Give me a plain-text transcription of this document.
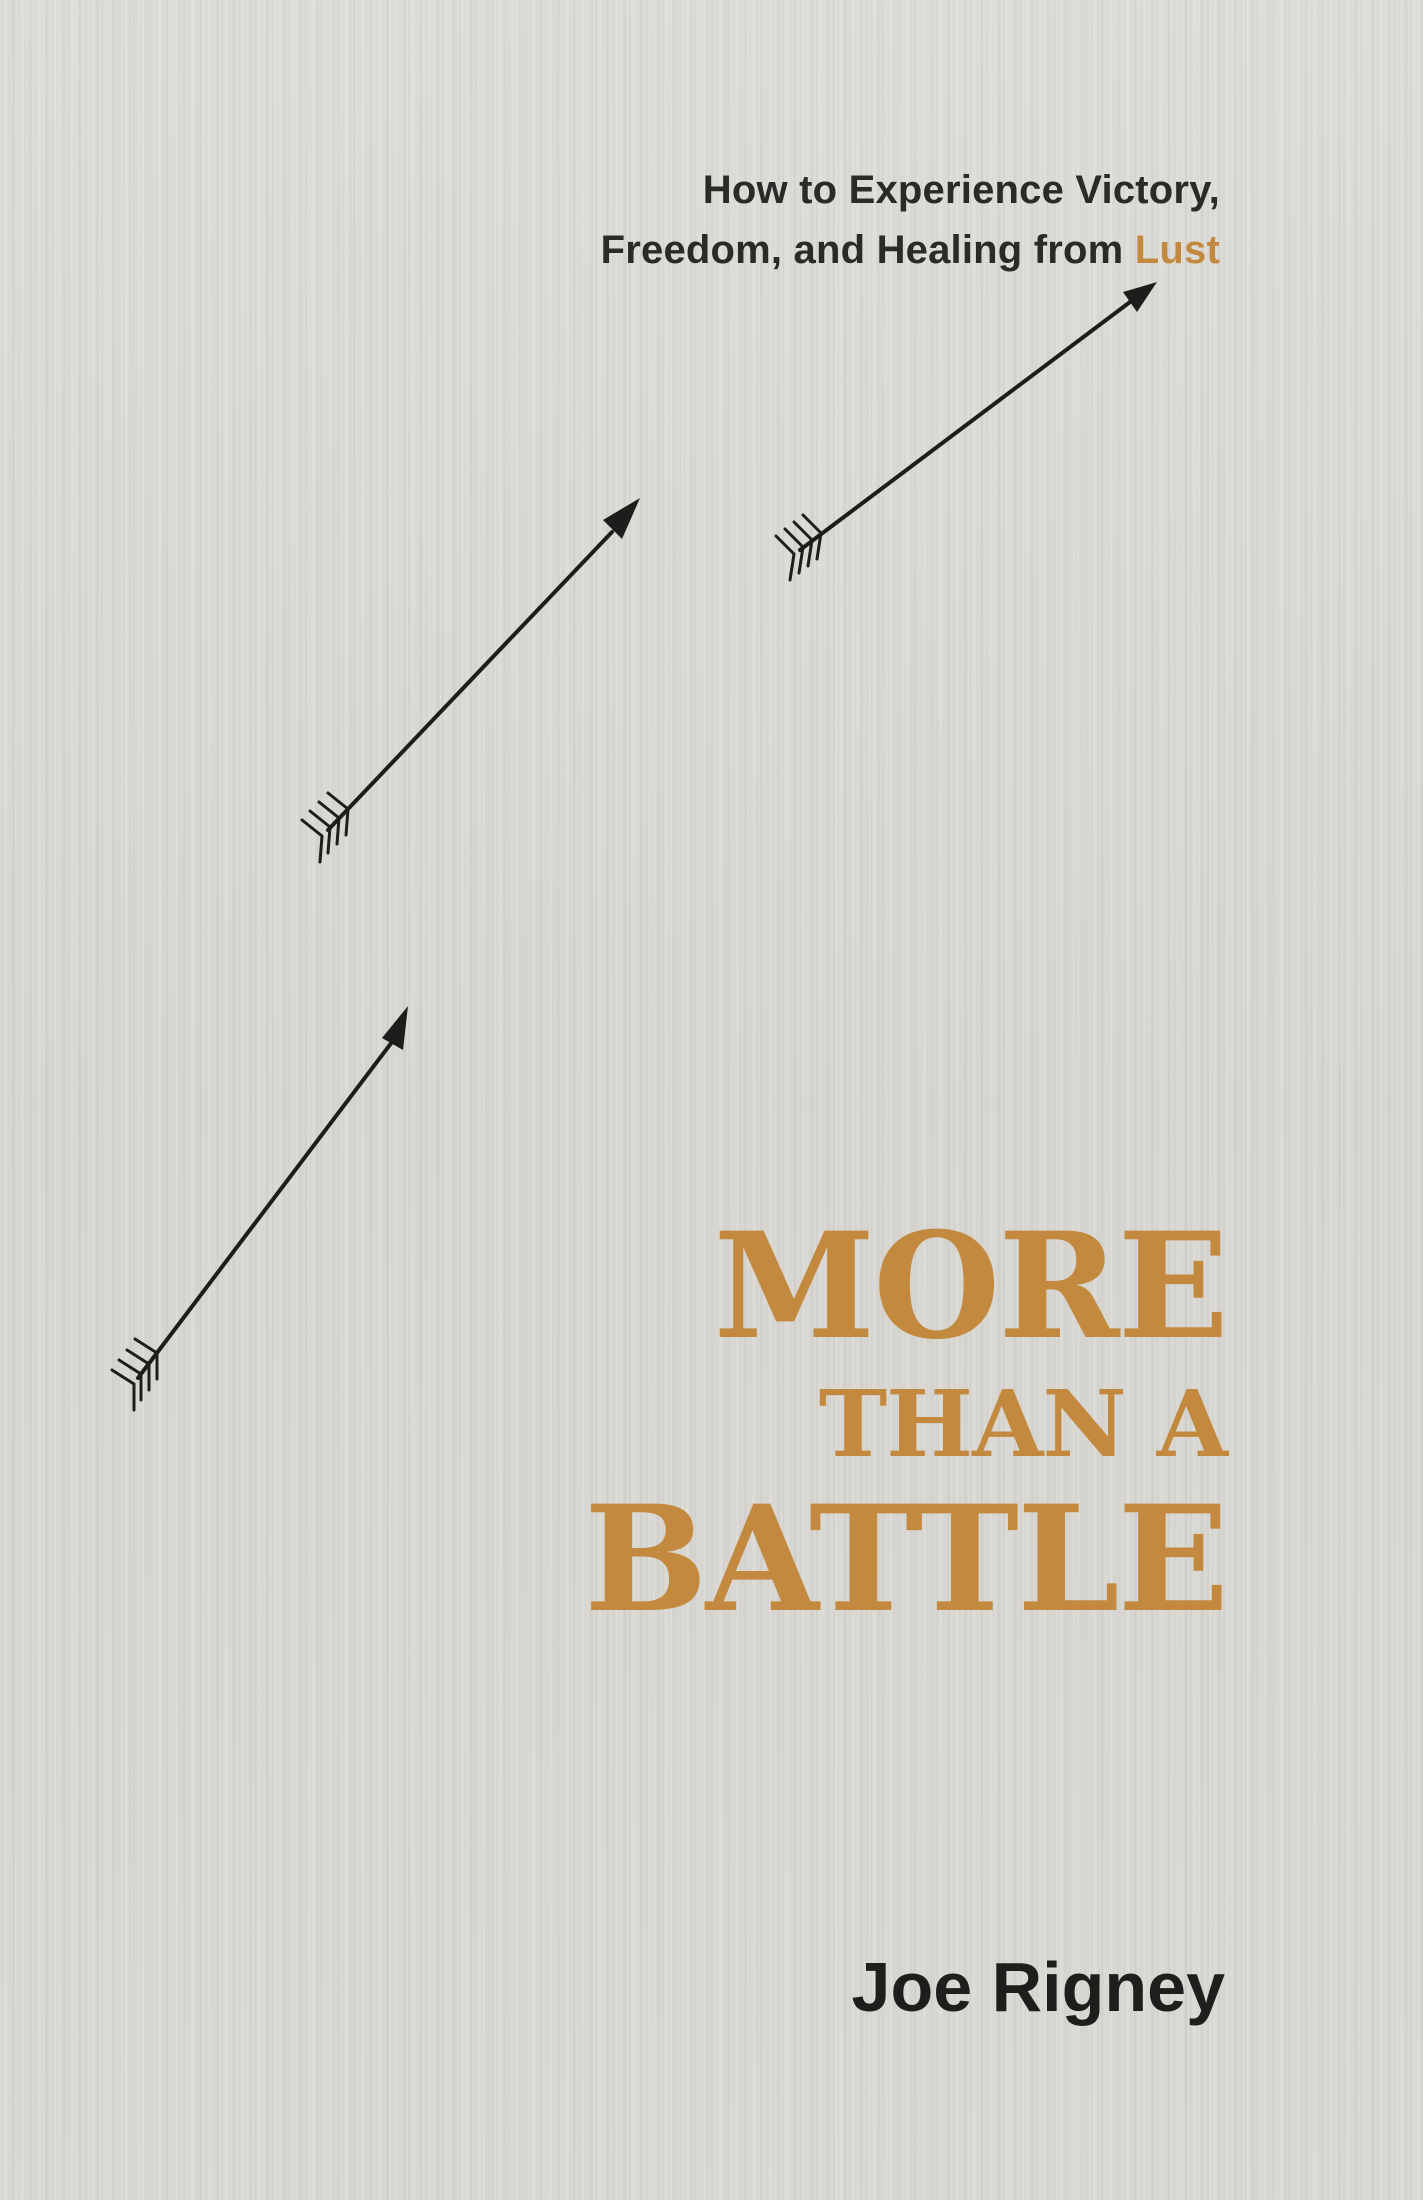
How to Experience Victory,
Freedom, and Healing from Lust
MORE
THAN A
BATTLE
Joe Rigney
